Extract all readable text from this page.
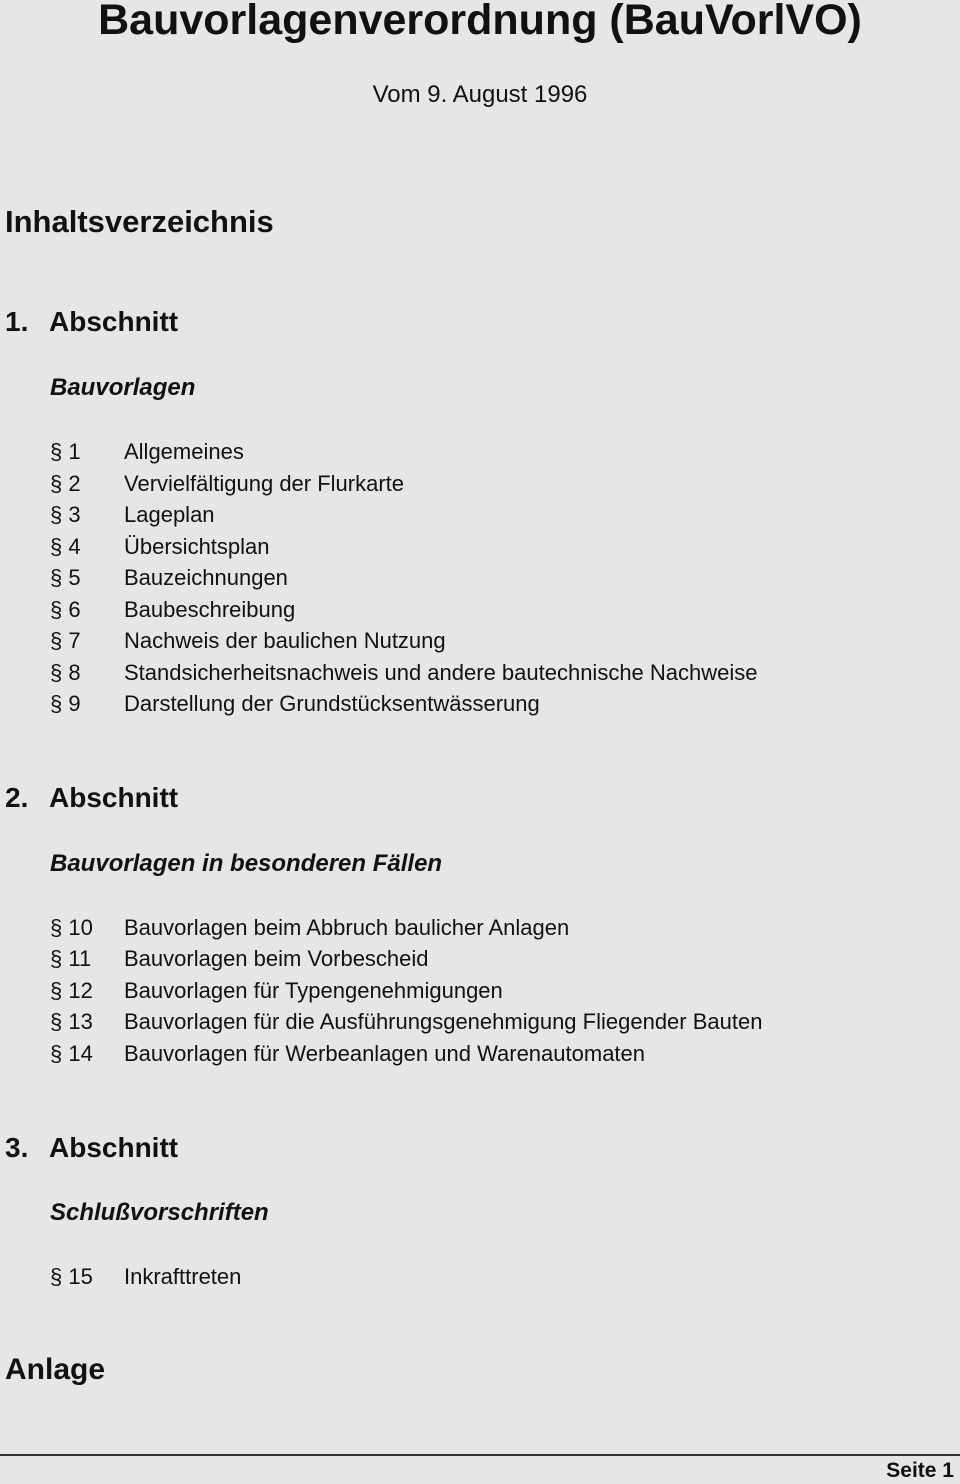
Bauvorlagenverordnung (BauVorlVO)
Vom 9. August 1996
Inhaltsverzeichnis
1. Abschnitt
Bauvorlagen
§ 1 Allgemeines
§ 2 Vervielfältigung der Flurkarte
§ 3 Lageplan
§ 4 Übersichtsplan
§ 5 Bauzeichnungen
§ 6 Baubeschreibung
§ 7 Nachweis der baulichen Nutzung
§ 8 Standsicherheitsnachweis und andere bautechnische Nachweise
§ 9 Darstellung der Grundstücksentwässerung
2. Abschnitt
Bauvorlagen in besonderen Fällen
§ 10 Bauvorlagen beim Abbruch baulicher Anlagen
§ 11 Bauvorlagen beim Vorbescheid
§ 12 Bauvorlagen für Typengenehmigungen
§ 13 Bauvorlagen für die Ausführungsgenehmigung Fliegender Bauten
§ 14 Bauvorlagen für Werbeanlagen und Warenautomaten
3. Abschnitt
Schlußvorschriften
§ 15 Inkrafttreten
Anlage
Seite 1
